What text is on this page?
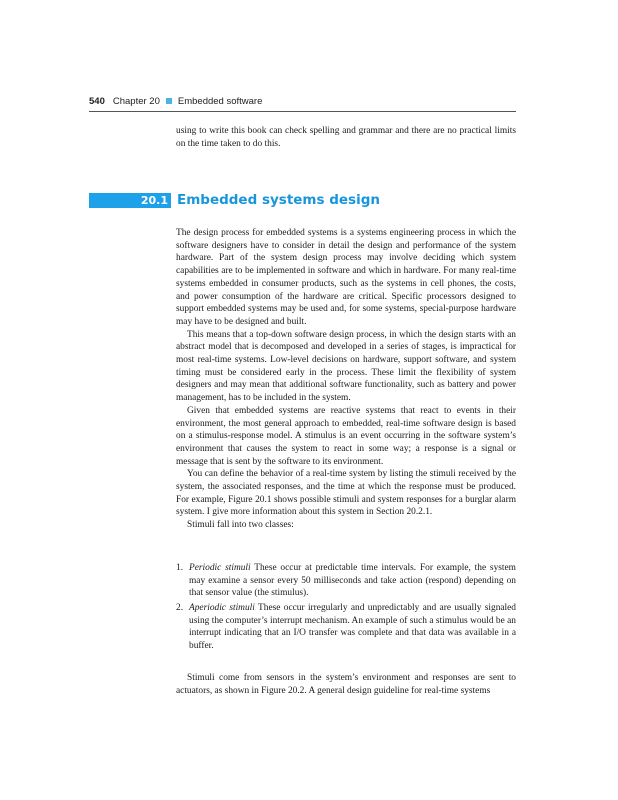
540 Chapter 20 Embedded software

using to write this book can check spelling and grammar and there are no practical limits on the time taken to do this.

20.1 Embedded systems design

The design process for embedded systems is a systems engineering process in which the software designers have to consider in detail the design and performance of the system hardware. Part of the system design process may involve deciding which system capabilities are to be implemented in software and which in hardware. For many real-time systems embedded in consumer products, such as the systems in cell phones, the costs, and power consumption of the hardware are critical. Specific processors designed to support embedded systems may be used and, for some systems, special-purpose hardware may have to be designed and built.

This means that a top-down software design process, in which the design starts with an abstract model that is decomposed and developed in a series of stages, is impractical for most real-time systems. Low-level decisions on hardware, support software, and system timing must be considered early in the process. These limit the flexibility of system designers and may mean that additional software functionality, such as battery and power management, has to be included in the system.

Given that embedded systems are reactive systems that react to events in their environment, the most general approach to embedded, real-time software design is based on a stimulus-response model. A stimulus is an event occurring in the software system’s environment that causes the system to react in some way; a response is a signal or message that is sent by the software to its environment.

You can define the behavior of a real-time system by listing the stimuli received by the system, the associated responses, and the time at which the response must be produced. For example, Figure 20.1 shows possible stimuli and system responses for a burglar alarm system. I give more information about this system in Section 20.2.1.

Stimuli fall into two classes:

1. Periodic stimuli These occur at predictable time intervals. For example, the system may examine a sensor every 50 milliseconds and take action (respond) depending on that sensor value (the stimulus).
2. Aperiodic stimuli These occur irregularly and unpredictably and are usually signaled using the computer’s interrupt mechanism. An example of such a stimulus would be an interrupt indicating that an I/O transfer was complete and that data was available in a buffer.

Stimuli come from sensors in the system’s environment and responses are sent to actuators, as shown in Figure 20.2. A general design guideline for real-time systems
